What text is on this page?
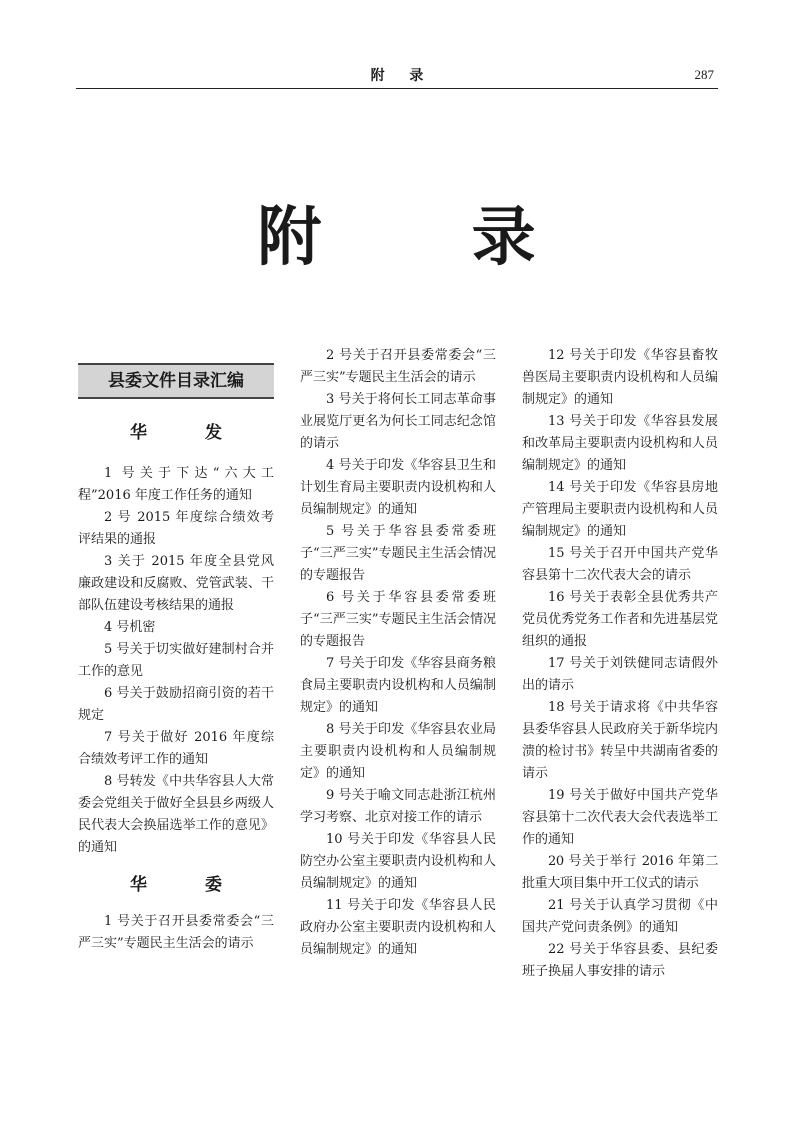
附 录	287
附 录
县委文件目录汇编
华 发

1 号关于下达“六大工程”2016 年度工作任务的通知

2 号 2015 年度综合绩效考评结果的通报

3 关于 2015 年度全县党风廉政建设和反腐败、党管武装、干部队伍建设考核结果的通报

4 号机密

5 号关于切实做好建制村合并工作的意见

6 号关于鼓励招商引资的若干规定

7 号关于做好 2016 年度综合绩效考评工作的通知

8 号转发《中共华容县人大常委会党组关于做好全县县乡两级人民代表大会换届选举工作的意见》的通知

华 委

1 号关于召开县委常委会“三严三实”专题民主生活会的请示

2 号关于召开县委常委会“三严三实”专题民主生活会的请示

3 号关于将何长工同志革命事业展览厅更名为何长工同志纪念馆的请示

4 号关于印发《华容县卫生和计划生育局主要职责内设机构和人员编制规定》的通知

5 号关于华容县委常委班子“三严三实”专题民主生活会情况的专题报告

6 号关于华容县委常委班子“三严三实”专题民主生活会情况的专题报告

7 号关于印发《华容县商务粮食局主要职责内设机构和人员编制规定》的通知

8 号关于印发《华容县农业局主要职责内设机构和人员编制规定》的通知

9 号关于喻文同志赴浙江杭州学习考察、北京对接工作的请示

10 号关于印发《华容县人民防空办公室主要职责内设机构和人员编制规定》的通知

11 号关于印发《华容县人民政府办公室主要职责内设机构和人员编制规定》的通知

12 号关于印发《华容县畜牧兽医局主要职责内设机构和人员编制规定》的通知

13 号关于印发《华容县发展和改革局主要职责内设机构和人员编制规定》的通知

14 号关于印发《华容县房地产管理局主要职责内设机构和人员编制规定》的通知

15 号关于召开中国共产党华容县第十二次代表大会的请示

16 号关于表彰全县优秀共产党员优秀党务工作者和先进基层党组织的通报

17 号关于刘铁健同志请假外出的请示

18 号关于请求将《中共华容县委华容县人民政府关于新华垸内溃的检讨书》转呈中共湖南省委的请示

19 号关于做好中国共产党华容县第十二次代表大会代表选举工作的通知

20 号关于举行 2016 年第二批重大项目集中开工仪式的请示

21 号关于认真学习贯彻《中国共产党问责条例》的通知

22 号关于华容县委、县纪委班子换届人事安排的请示
